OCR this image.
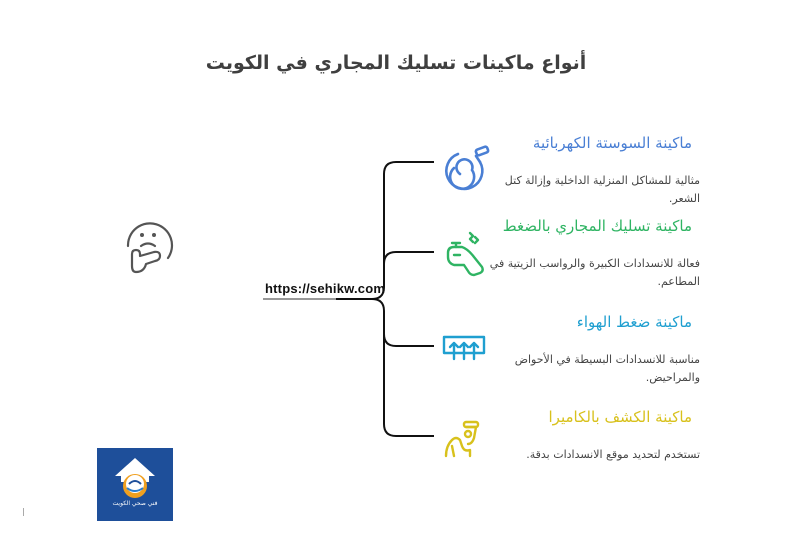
أنواع ماكينات تسليك المجاري في الكويت
https://sehikw.com
ماكينة السوستة الكهربائية

مثالية للمشاكل المنزلية الداخلية وإزالة كتل الشعر.

ماكينة تسليك المجاري بالضغط

فعالة للانسدادات الكبيرة والرواسب الزيتية في المطاعم.

ماكينة ضغط الهواء

مناسبة للانسدادات البسيطة في الأحواض والمراحيض.

ماكينة الكشف بالكاميرا

تستخدم لتحديد موقع الانسدادات بدقة.

فني صحي الكويت
